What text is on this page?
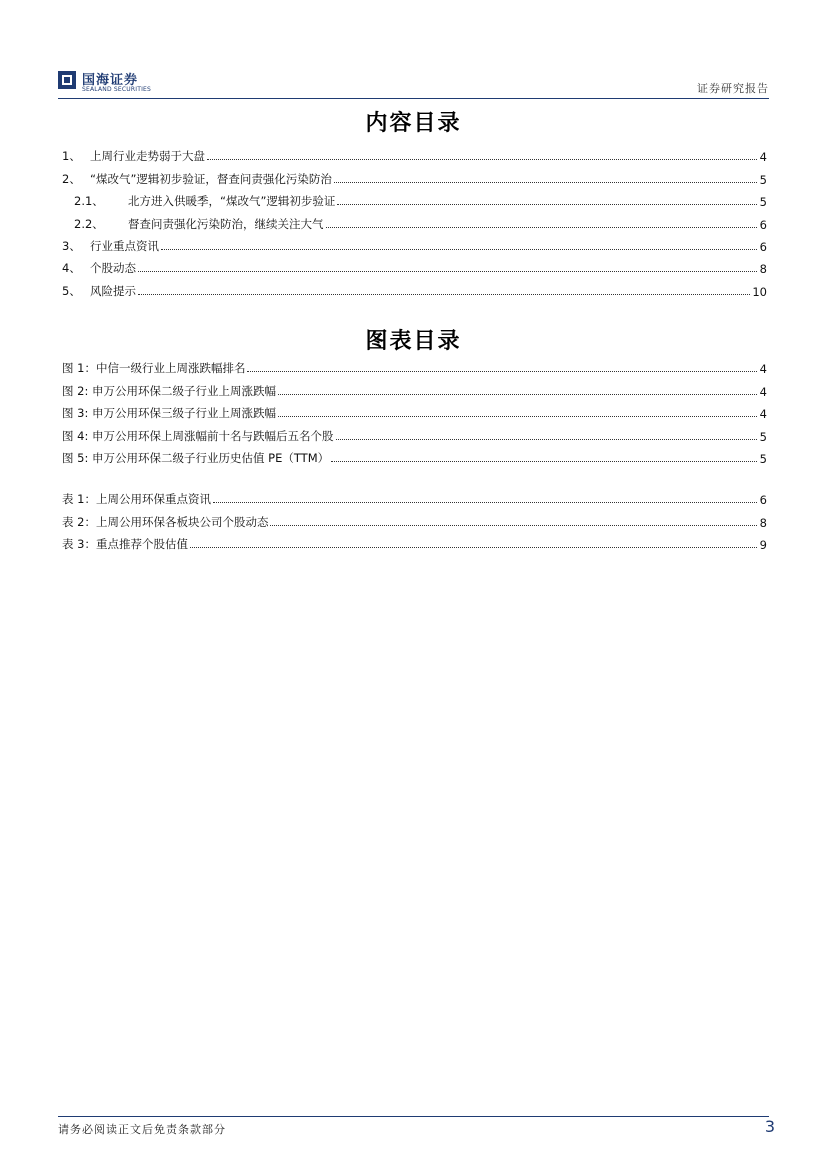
国海证券
SEALAND SECURITIES	证券研究报告
内容目录
1、 上周行业走势弱于大盘	4
2、 “煤改气”逻辑初步验证，督查问责强化污染防治	5
2.1、	北方进入供暖季，“煤改气”逻辑初步验证	5
2.2、	督查问责强化污染防治，继续关注大气	6
3、 行业重点资讯	6
4、 个股动态	8
5、 风险提示	10
图表目录
图 1：中信一级行业上周涨跌幅排名	4
图 2: 申万公用环保二级子行业上周涨跌幅	4
图 3: 申万公用环保三级子行业上周涨跌幅	4
图 4: 申万公用环保上周涨幅前十名与跌幅后五名个股	5
图 5: 申万公用环保二级子行业历史估值 PE（TTM）	5
表 1：上周公用环保重点资讯	6
表 2：上周公用环保各板块公司个股动态	8
表 3：重点推荐个股估值	9
请务必阅读正文后免责条款部分	3
